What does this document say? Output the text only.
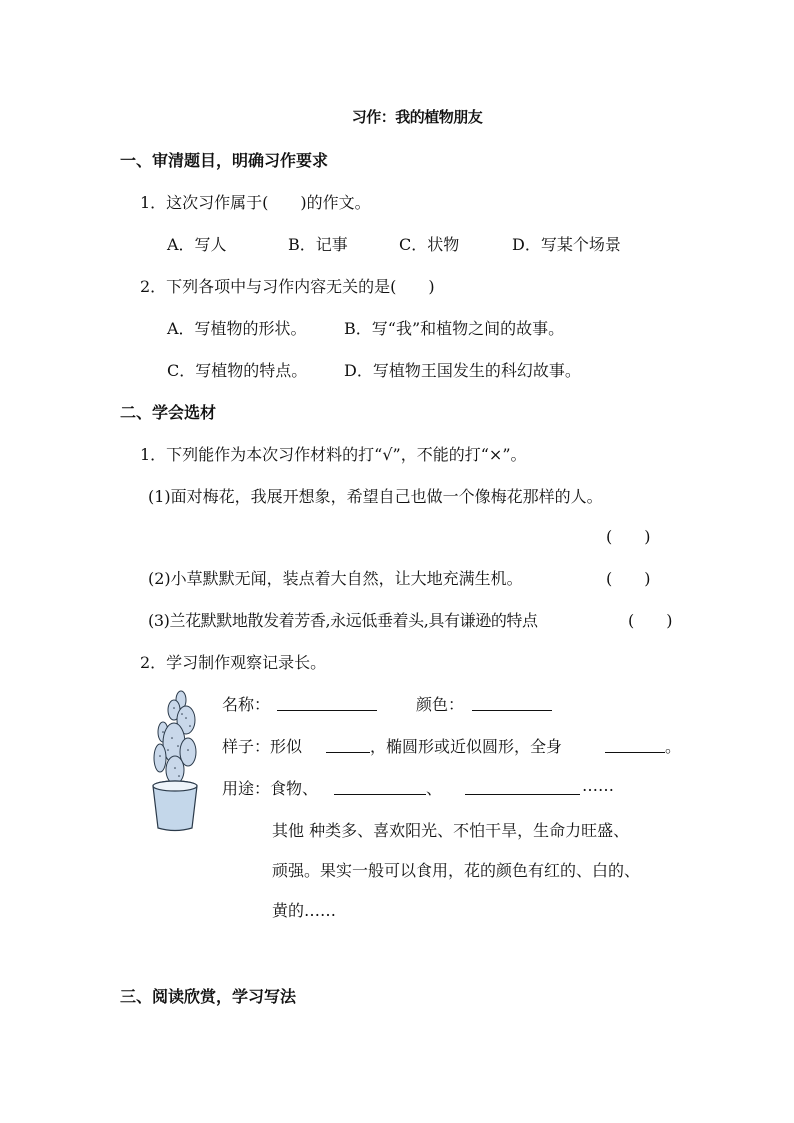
习作：我的植物朋友
一、审清题目，明确习作要求
1．这次习作属于(　　)的作文。
A．写人	B．记事	C．状物	D．写某个场景
2．下列各项中与习作内容无关的是(　　)
A．写植物的形状。 B．写“我”和植物之间的故事。
C．写植物的特点。 D．写植物王国发生的科幻故事。
二、学会选材
1．下列能作为本次习作材料的打“√”，不能的打“×”。
(1)面对梅花，我展开想象，希望自己也做一个像梅花那样的人。
(　　)
(2)小草默默无闻，装点着大自然，让大地充满生机。	(　　)
(3)兰花默默地散发着芳香,永远低垂着头,具有谦逊的特点	(　　)
2．学习制作观察记录长。
名称：	颜色：
样子：形似	，椭圆形或近似圆形，全身	。
用途：食物、	、	……
其他 种类多、喜欢阳光、不怕干旱，生命力旺盛、
顽强。果实一般可以食用，花的颜色有红的、白的、
黄的……
三、阅读欣赏，学习写法
